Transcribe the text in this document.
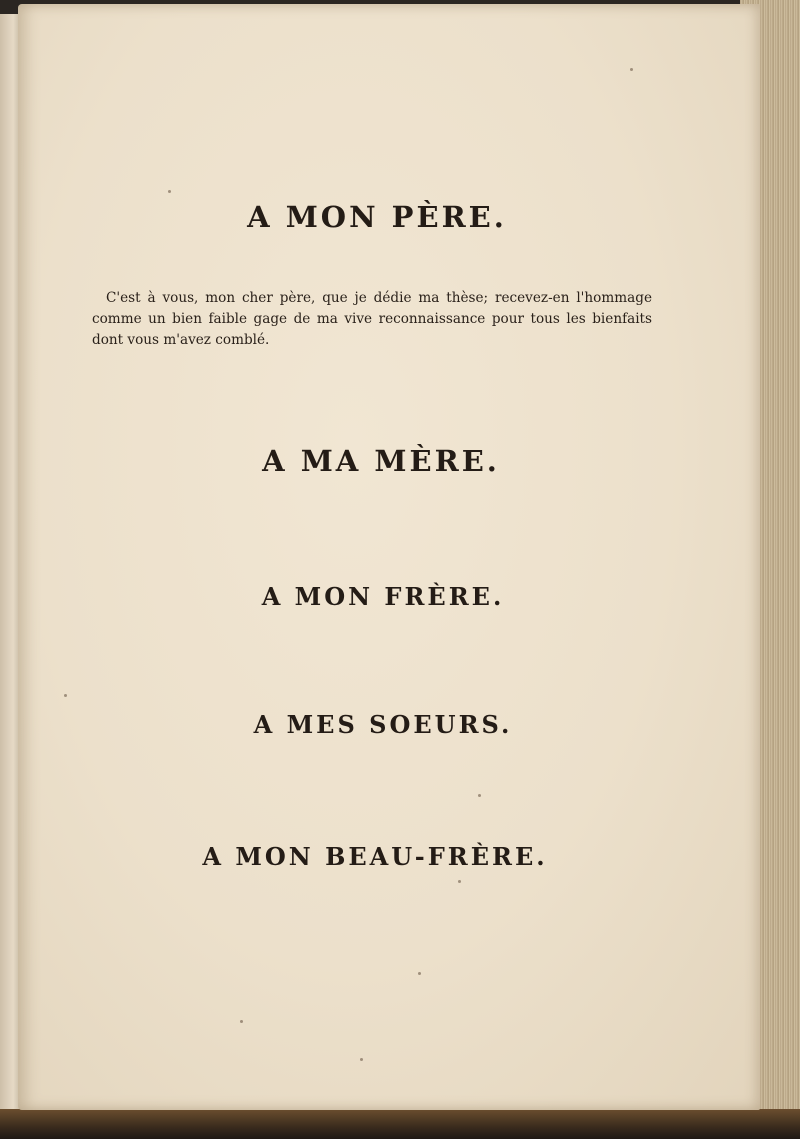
A MON PÈRE.

C'est à vous, mon cher père, que je dédie ma thèse; recevez-en l'hommage comme un bien faible gage de ma vive reconnaissance pour tous les bienfaits dont vous m'avez comblé.

A MA MÈRE.
A MON FRÈRE.
A MES SOEURS.
A MON BEAU-FRÈRE.
